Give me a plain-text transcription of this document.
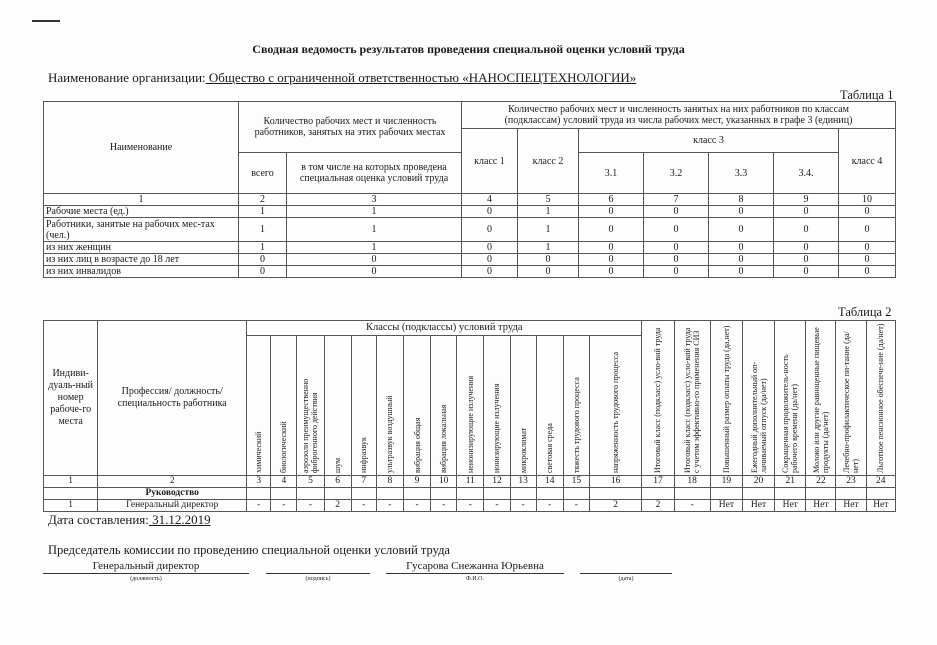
Сводная ведомость результатов проведения специальной оценки условий труда
Наименование организации: Общество с ограниченной ответственностью «НАНОСПЕЦТЕХНОЛОГИИ»
Таблица 1
Наименование	Количество рабочих мест и численность работников, занятых на этих рабочих местах		Количество рабочих мест и численность занятых на них работников по классам (подклассам) условий труда из числа рабочих мест, указанных в графе 3 (единиц)						
			класс 1	класс 2	класс 3				класс 4
	всего	в том числе на которых проведена специальная оценка условий труда			3.1	3.2	3.3	3.4.	
1	2	3	4	5	6	7	8	9	10
Рабочие места (ед.)	1	1	0	1	0	0	0	0	0
Работники, занятые на рабочих мес-тах (чел.)	1	1	0	1	0	0	0	0	0
из них женщин	1	1	0	1	0	0	0	0	0
из них лиц в возрасте до 18 лет	0	0	0	0	0	0	0	0	0
из них инвалидов	0	0	0	0	0	0	0	0	0
Таблица 2
Индиви-дуаль-ный номер рабоче-го места	Профессия/ должность/ специальность работника	Классы (подклассы) условий труда														Итоговый класс (подкласс) усло-вий труда	Итоговый класс (подкласс) усло-вий труда с учетом эффективно-го применения СИЗ	Повышенный размер оплаты труда (да,нет)	Ежегодный дополнительный оп-лачиваемый отпуск (да/нет)	Сокращенная продолжитель-ность рабочего времени (да/нет)	Молоко или другие равноценные пищевые продукты (да/нет)	Лечебно-профилактическое пи-тание (да/нет)	Льготное пенсионное обеспече-ние (да/нет)

		химический	биологический	аэрозоли преимущественно фиброгенного действия	шум	инфразвук	ультразвук воздушный	вибрация общая	вибрация локальная	неионизирующие излучения	ионизирующие излучения	микроклимат	световая среда	тяжесть трудового процесса	напряженность трудового процесса								

1	2	3	4	5	6	7	8	9	10	11	12	13	14	15	16	17	18	19	20	21	22	23	24
	Руководство																						
1	Генеральный директор	-	-	-	2	-	-	-	-	-	-	-	-	-	2	2	-	Нет	Нет	Нет	Нет	Нет	Нет
Дата составления: 31.12.2019
Председатель комиссии по проведению специальной оценки условий труда
Генеральный директор	Гусарова Снежанна Юрьевна
(должность)	(подпись)	Ф.И.О.	(дата)
